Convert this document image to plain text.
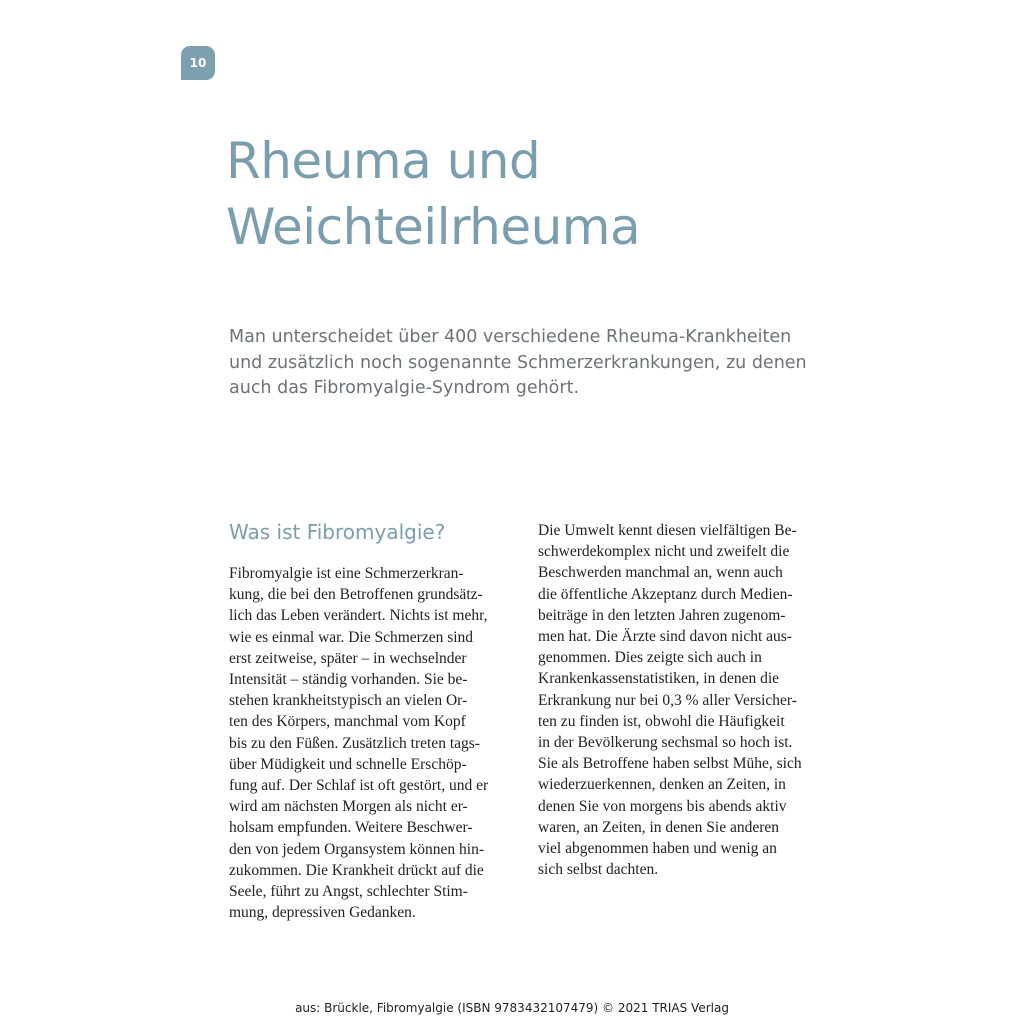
10
Rheuma und
Weichteilrheuma

Man unterscheidet über 400 verschiedene Rheuma-Krankheiten
und zusätzlich noch sogenannte Schmerzerkrankungen, zu denen
auch das Fibromyalgie-Syndrom gehört.

Was ist Fibromyalgie?
Fibromyalgie ist eine Schmerzerkran-
kung, die bei den Betroffenen grundsätz-
lich das Leben verändert. Nichts ist mehr,
wie es einmal war. Die Schmerzen sind
erst zeitweise, später – in wechselnder
Intensität – ständig vorhanden. Sie be-
stehen krankheitstypisch an vielen Or-
ten des Körpers, manchmal vom Kopf
bis zu den Füßen. Zusätzlich treten tags-
über Müdigkeit und schnelle Erschöp-
fung auf. Der Schlaf ist oft gestört, und er
wird am nächsten Morgen als nicht er-
holsam empfunden. Weitere Beschwer-
den von jedem Organsystem können hin-
zukommen. Die Krankheit drückt auf die
Seele, führt zu Angst, schlechter Stim-
mung, depressiven Gedanken.
Die Umwelt kennt diesen vielfältigen Be-
schwerdekomplex nicht und zweifelt die
Beschwerden manchmal an, wenn auch
die öffentliche Akzeptanz durch Medien-
beiträge in den letzten Jahren zugenom-
men hat. Die Ärzte sind davon nicht aus-
genommen. Dies zeigte sich auch in
Krankenkassenstatistiken, in denen die
Erkrankung nur bei 0,3 % aller Versicher-
ten zu finden ist, obwohl die Häufigkeit
in der Bevölkerung sechsmal so hoch ist.
Sie als Betroffene haben selbst Mühe, sich
wiederzuerkennen, denken an Zeiten, in
denen Sie von morgens bis abends aktiv
waren, an Zeiten, in denen Sie anderen
viel abgenommen haben und wenig an
sich selbst dachten.
aus: Brückle, Fibromyalgie (ISBN 9783432107479) © 2021 TRIAS Verlag
